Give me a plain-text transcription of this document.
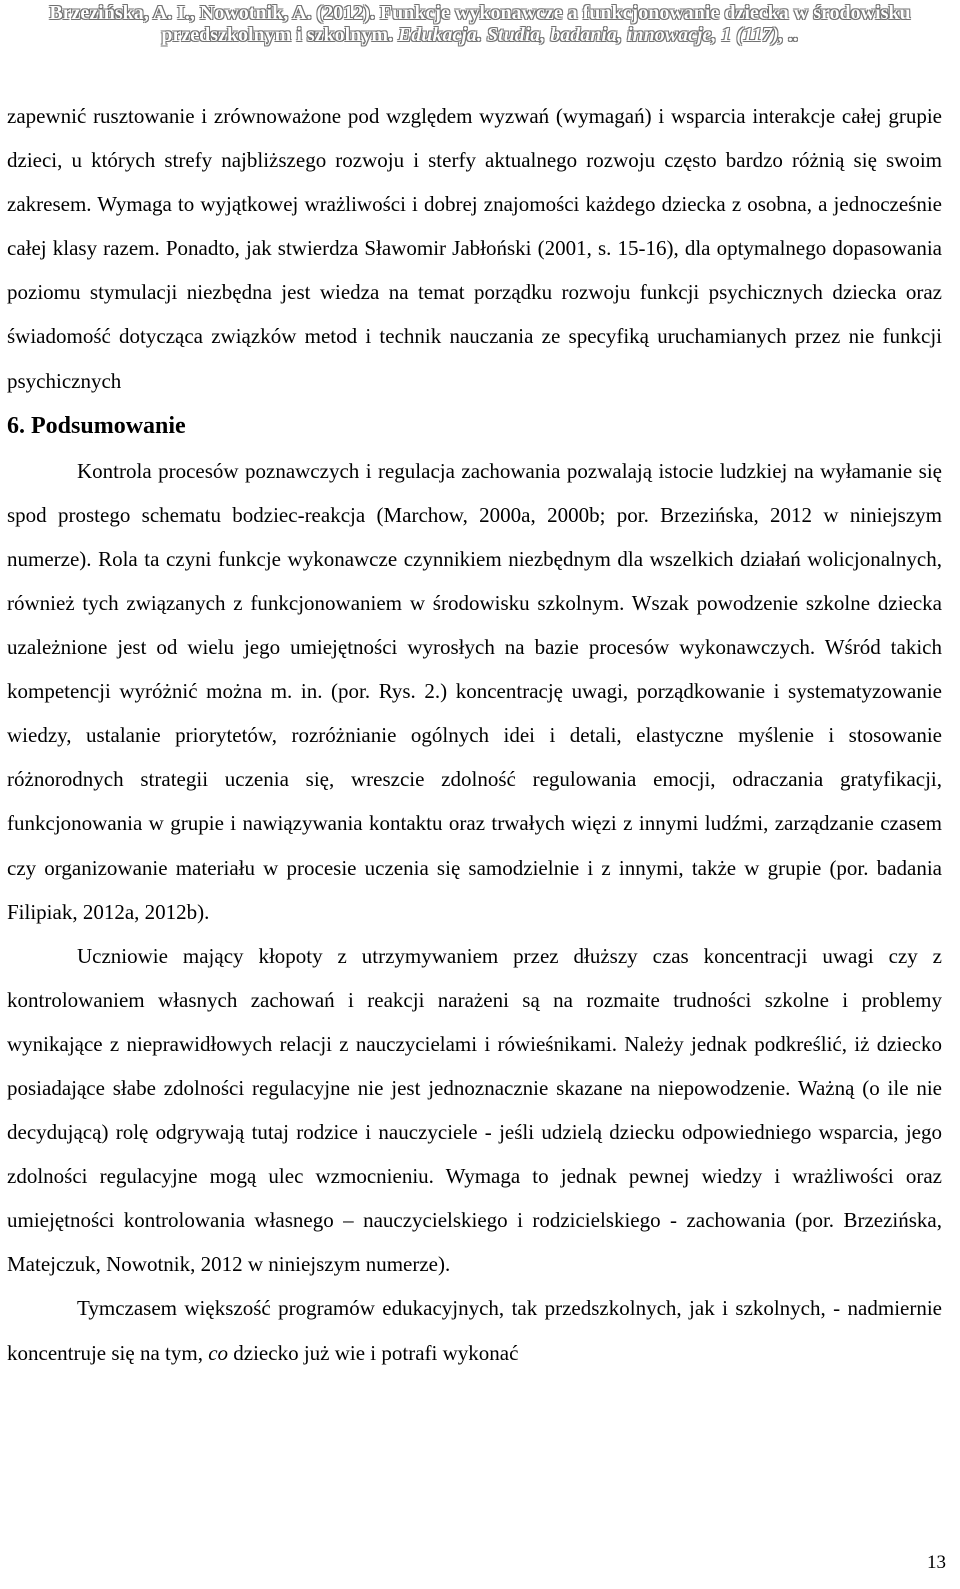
Brzezińska, A. I., Nowotnik, A. (2012). Funkcje wykonawcze a funkcjonowanie dziecka w środowisku
przedszkolnym i szkolnym. Edukacja. Studia, badania, innowacje, 1 (117), ..

zapewnić rusztowanie i zrównoważone pod względem wyzwań (wymagań) i wsparcia interakcje całej grupie dzieci, u których strefy najbliższego rozwoju i sterfy aktualnego rozwoju często bardzo różnią się swoim zakresem. Wymaga to wyjątkowej wrażliwości i dobrej znajomości każdego dziecka z osobna, a jednocześnie całej klasy razem. Ponadto, jak stwierdza Sławomir Jabłoński (2001, s. 15-16), dla optymalnego dopasowania poziomu stymulacji niezbędna jest wiedza na temat porządku rozwoju funkcji psychicznych dziecka oraz świadomość dotycząca związków metod i technik nauczania ze specyfiką uruchamianych przez nie funkcji psychicznych

6. Podsumowanie

Kontrola procesów poznawczych i regulacja zachowania pozwalają istocie ludzkiej na wyłamanie się spod prostego schematu bodziec-reakcja (Marchow, 2000a, 2000b; por. Brzezińska, 2012 w niniejszym numerze). Rola ta czyni funkcje wykonawcze czynnikiem niezbędnym dla wszelkich działań wolicjonalnych, również tych związanych z funkcjonowaniem w środowisku szkolnym. Wszak powodzenie szkolne dziecka uzależnione jest od wielu jego umiejętności wyrosłych na bazie procesów wykonawczych. Wśród takich kompetencji wyróżnić można m. in. (por. Rys. 2.) koncentrację uwagi, porządkowanie i systematyzowanie wiedzy, ustalanie priorytetów, rozróżnianie ogólnych idei i detali, elastyczne myślenie i stosowanie różnorodnych strategii uczenia się, wreszcie zdolność regulowania emocji, odraczania gratyfikacji, funkcjonowania w grupie i nawiązywania kontaktu oraz trwałych więzi z innymi ludźmi, zarządzanie czasem czy organizowanie materiału w procesie uczenia się samodzielnie i z innymi, także w grupie (por. badania Filipiak, 2012a, 2012b).

Uczniowie mający kłopoty z utrzymywaniem przez dłuższy czas koncentracji uwagi czy z kontrolowaniem własnych zachowań i reakcji narażeni są na rozmaite trudności szkolne i problemy wynikające z nieprawidłowych relacji z nauczycielami i rówieśnikami. Należy jednak podkreślić, iż dziecko posiadające słabe zdolności regulacyjne nie jest jednoznacznie skazane na niepowodzenie. Ważną (o ile nie decydującą) rolę odgrywają tutaj rodzice i nauczyciele - jeśli udzielą dziecku odpowiedniego wsparcia, jego zdolności regulacyjne mogą ulec wzmocnieniu. Wymaga to jednak pewnej wiedzy i wrażliwości oraz umiejętności kontrolowania własnego – nauczycielskiego i rodzicielskiego - zachowania (por. Brzezińska, Matejczuk, Nowotnik, 2012 w niniejszym numerze).

Tymczasem większość programów edukacyjnych, tak przedszkolnych, jak i szkolnych, - nadmiernie koncentruje się na tym, co dziecko już wie i potrafi wykonać

13
